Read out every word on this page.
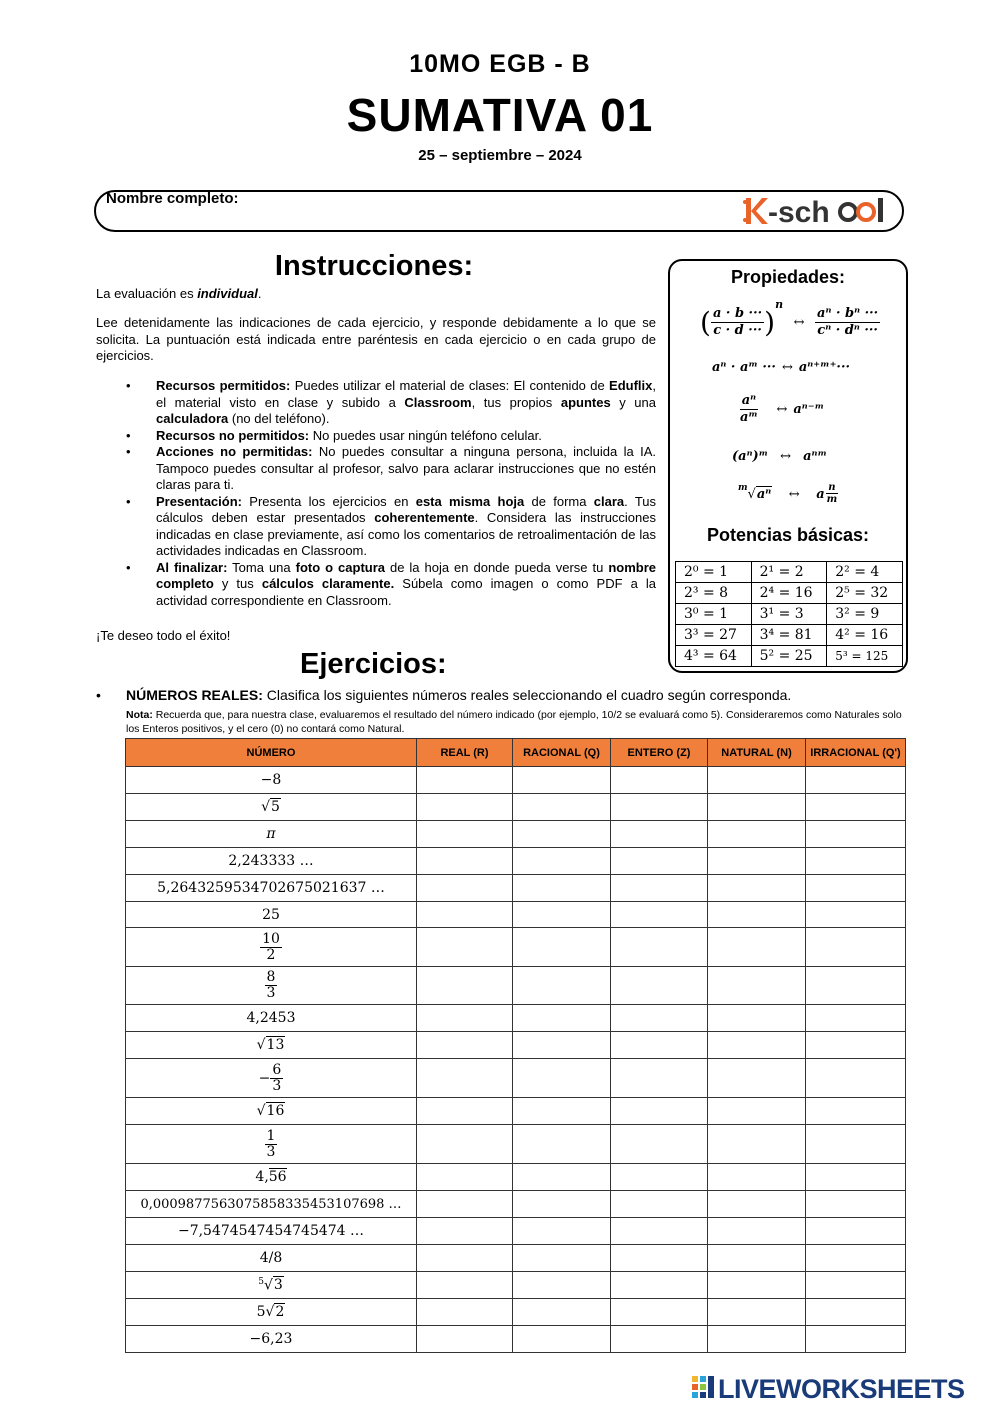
10MO EGB - B
SUMATIVA 01
25 – septiembre – 2024
Nombre completo:	-sch
Instrucciones:
La evaluación es individual.
Lee detenidamente las indicaciones de cada ejercicio, y responde debidamente a lo que se solicita. La puntuación está indicada entre paréntesis en cada ejercicio o en cada grupo de ejercicios.
• Recursos permitidos: Puedes utilizar el material de clases: El contenido de Eduflix, el material visto en clase y subido a Classroom, tus propios apuntes y una calculadora (no del teléfono).
• Recursos no permitidos: No puedes usar ningún teléfono celular.
• Acciones no permitidas: No puedes consultar a ninguna persona, incluida la IA. Tampoco puedes consultar al profesor, salvo para aclarar instrucciones que no estén claras para ti.
• Presentación: Presenta los ejercicios en esta misma hoja de forma clara. Tus cálculos deben estar presentados coherentemente. Considera las instrucciones indicadas en clase previamente, así como los comentarios de retroalimentación de las actividades indicadas en Classroom.
• Al finalizar: Toma una foto o captura de la hoja en donde pueda verse tu nombre completo y tus cálculos claramente. Súbela como imagen o como PDF a la actividad correspondiente en Classroom.
¡Te deseo todo el éxito!
Ejercicios:
Propiedades:
( $\frac{a \cdot b \cdot\cdot\cdot}{c \cdot d \cdot\cdot\cdot} )^n$ ↔ $\frac{\text{aⁿ · bⁿ ···}}{\text{cⁿ · dⁿ ···}}$
aⁿ · aᵐ ··· ↔ aⁿ⁺ᵐ⁺···
$\frac{\text{aⁿ}}{\text{aᵐ}}$ ↔ aⁿ⁻ᵐ
(aⁿ)ᵐ ↔ aⁿᵐ
$^m$√aⁿ ↔ a $\frac{n}{m}$
Potencias básicas:
2⁰ = 1	2¹ = 2	2² = 4
2³ = 8	2⁴ = 16	2⁵ = 32
3⁰ = 1	3¹ = 3	3² = 9
3³ = 27	3⁴ = 81	4² = 16
4³ = 64	5² = 25	5³ = 125
• NÚMEROS REALES: Clasifica los siguientes números reales seleccionando el cuadro según corresponda.
Nota: Recuerda que, para nuestra clase, evaluaremos el resultado del número indicado (por ejemplo, 10/2 se evaluará como 5). Consideraremos como Naturales solo los Enteros positivos, y el cero (0) no contará como Natural.
NÚMERO	REAL (R)	RACIONAL (Q)	ENTERO (Z)	NATURAL (N)	IRRACIONAL (Q')
−8					
√5					
π					
2,243333 …					
5,2643259534702675021637 …					
25					

$\frac{10}{2}$

$\frac{8}{3}$

4,2453					
√13					
− $\frac{6}{3}$

√16					

$\frac{1}{3}$

4,56					
0,0009877563075858335453107698 …					
−7,5474547454745474 …					
4/8					
$^5$√3					
5√2					
−6,23					
LIVEWORKSHEETS
